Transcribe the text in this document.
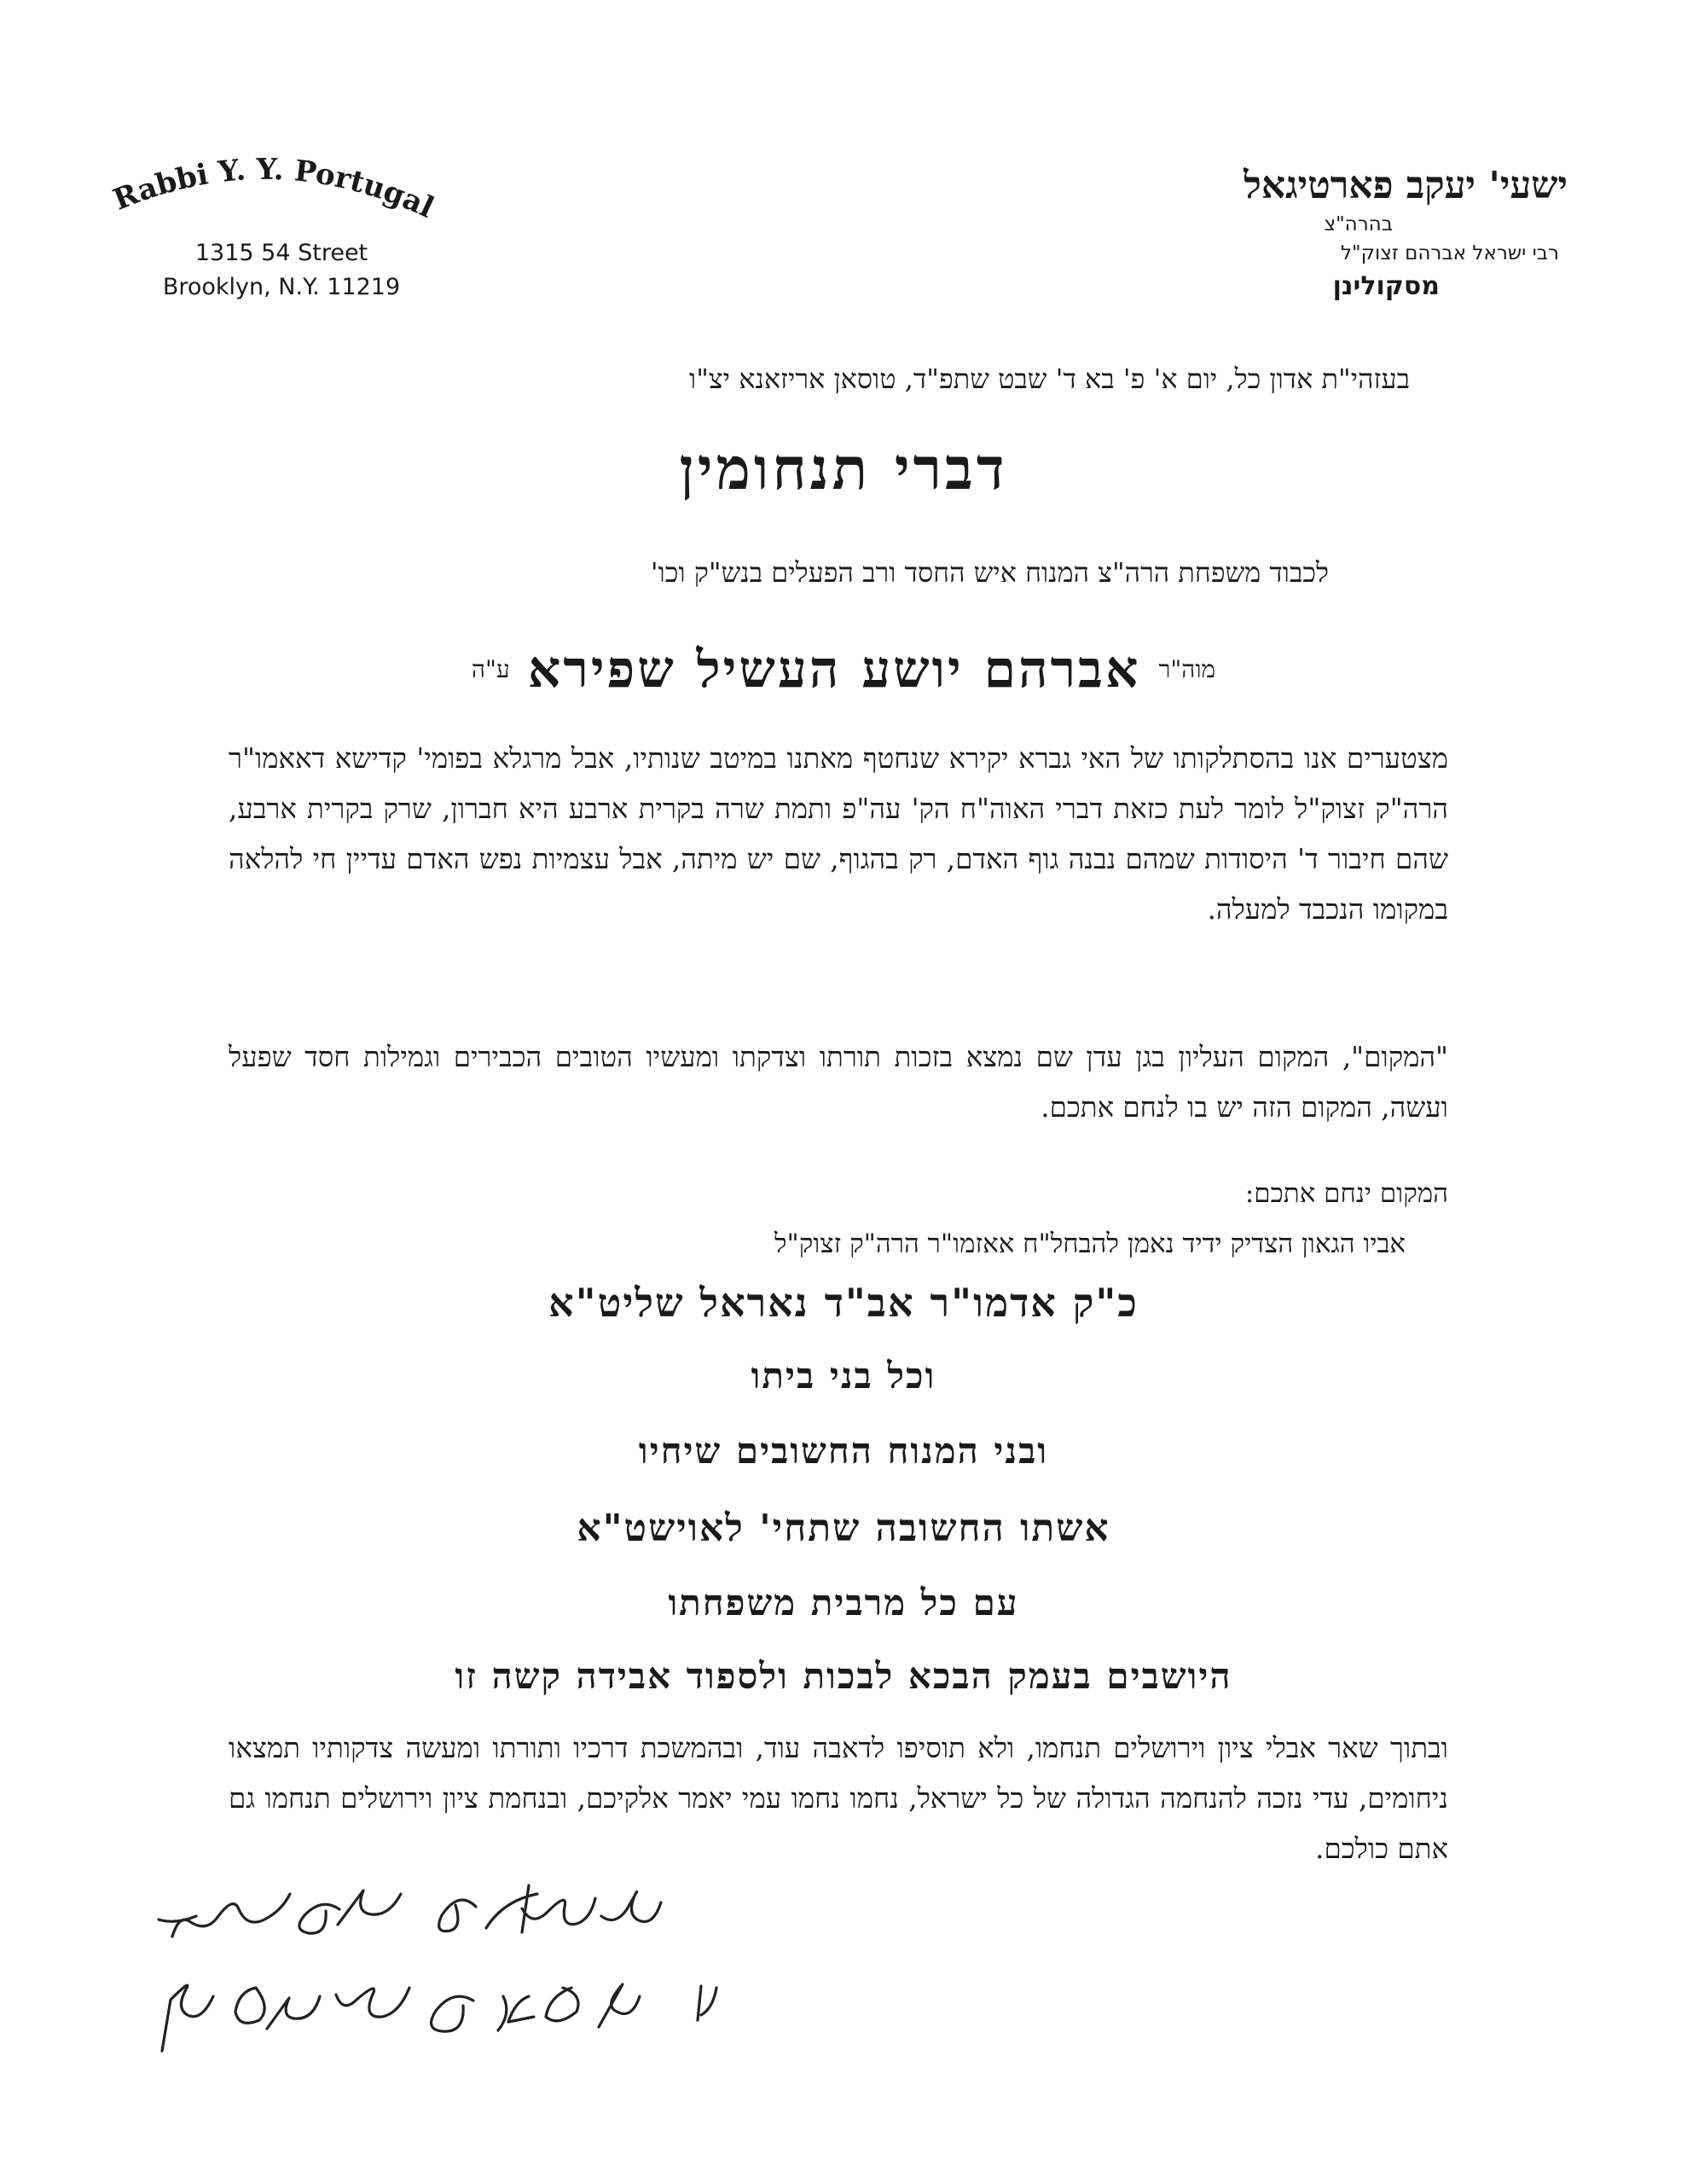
Rabbi Y. Y. Portugal
1315 54 Street
Brooklyn, N.Y. 11219
ישעי' יעקב פארטיגאל
בהרה"צ
רבי ישראל אברהם זצוק"ל
מסקולינן
בעזהי"ת אדון כל, יום א' פ' בא ד' שבט שתפ"ד, טוסאן אריזאנא יצ"ו
דברי תנחומין
לכבוד משפחת הרה"צ המנוח איש החסד ורב הפעלים בנש"ק וכו'
מוה"ר אברהם יושע העשיל שפירא ע"ה
מצטערים אנו בהסתלקותו של האי גברא יקירא שנחטף מאתנו במיטב שנותיו, אבל מרגלא בפומי' קדישא דאאמו"ר הרה"ק זצוק"ל לומר לעת כזאת דברי האוה"ח הק' עה"פ ותמת שרה בקרית ארבע היא חברון, שרק בקרית ארבע, שהם חיבור ד' היסודות שמהם נבנה גוף האדם, רק בהגוף, שם יש מיתה, אבל עצמיות נפש האדם עדיין חי להלאה במקומו הנכבד למעלה.
"המקום", המקום העליון בגן עדן שם נמצא בזכות תורתו וצדקתו ומעשיו הטובים הכבירים וגמילות חסד שפעל ועשה, המקום הזה יש בו לנחם אתכם.
המקום ינחם אתכם:
אביו הגאון הצדיק ידיד נאמן להבחל"ח אאזמו"ר הרה"ק זצוק"ל
כ"ק אדמו"ר אב"ד נאראל שליט"א
וכל בני ביתו
ובני המנוח החשובים שיחיו
אשתו החשובה שתחי' לאוישט"א
עם כל מרבית משפחתו
היושבים בעמק הבכא לבכות ולספוד אבידה קשה זו
ובתוך שאר אבלי ציון וירושלים תנחמו, ולא תוסיפו לדאבה עוד, ובהמשכת דרכיו ותורתו ומעשה צדקותיו תמצאו ניחומים, עדי נזכה להנחמה הגדולה של כל ישראל, נחמו נחמו עמי יאמר אלקיכם, ובנחמת ציון וירושלים תנחמו גם אתם כולכם.
